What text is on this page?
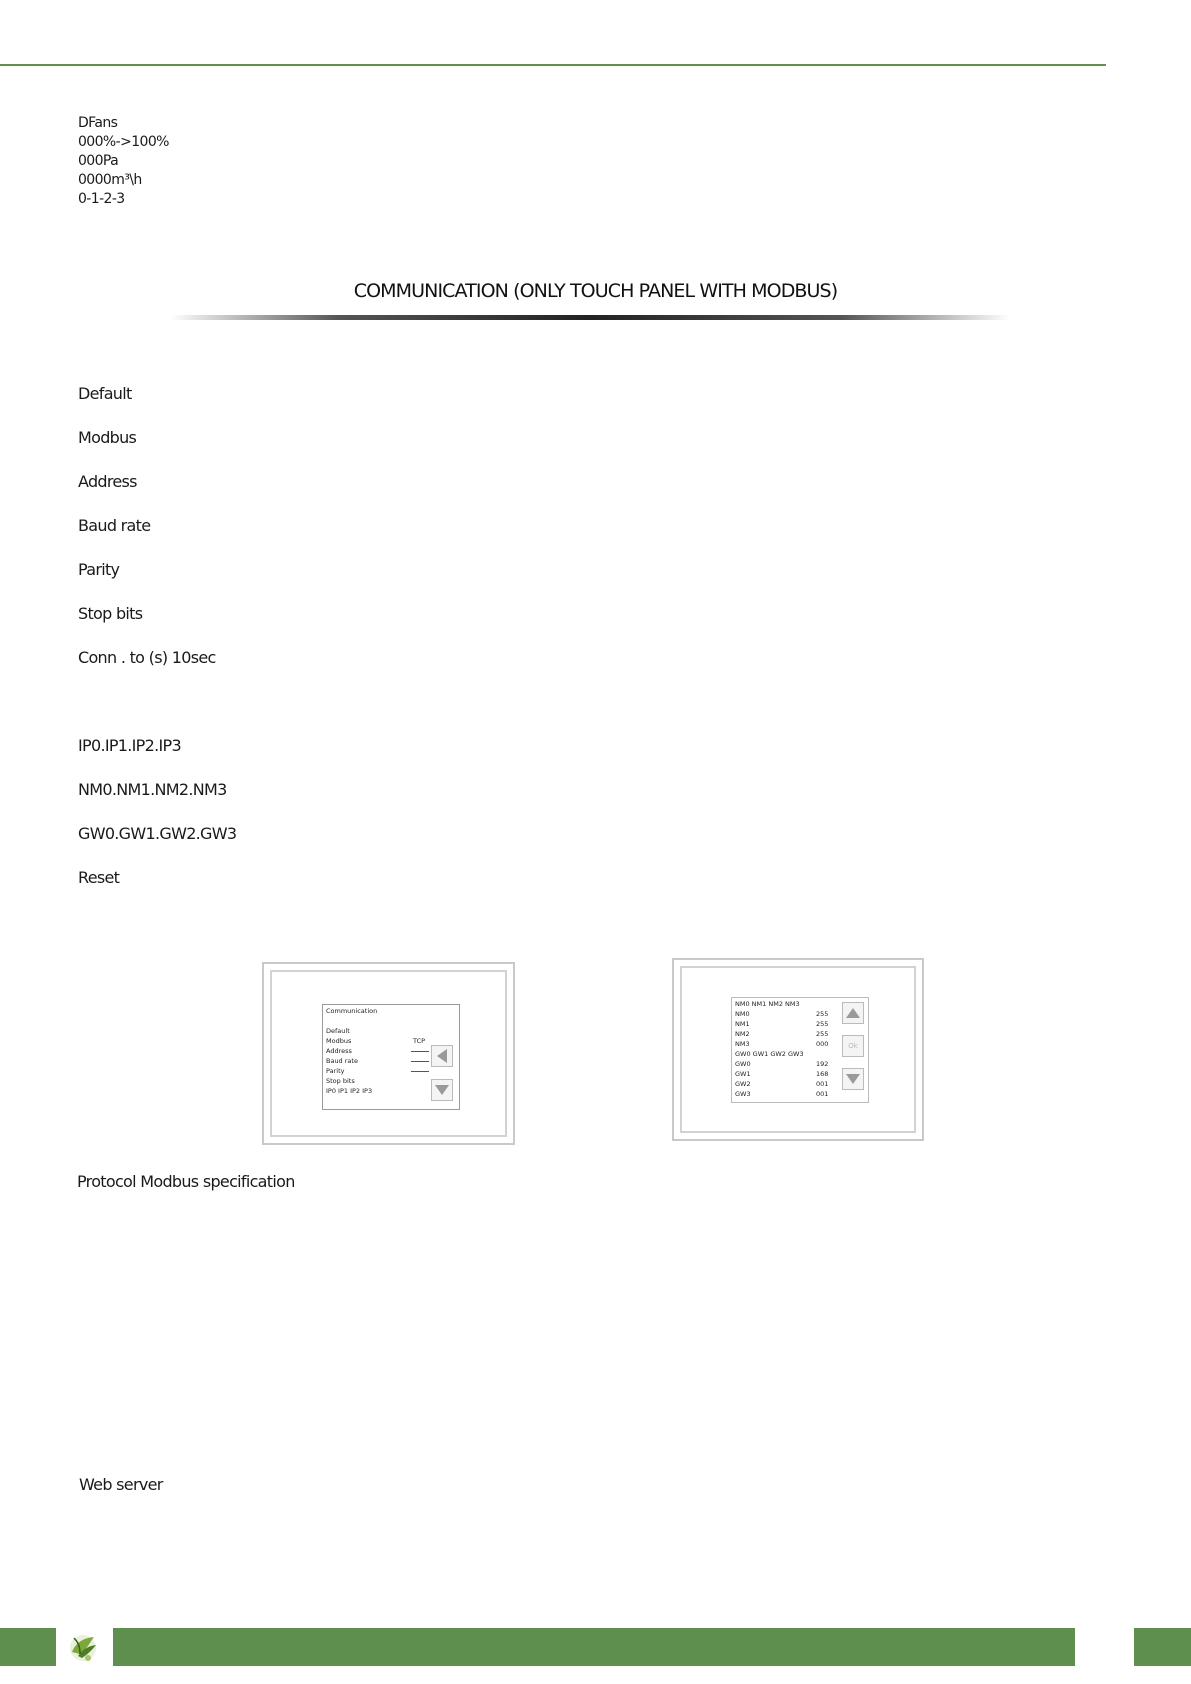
DFans
000%->100%
000Pa
0000m³\h
0-1-2-3
COMMUNICATION (ONLY TOUCH PANEL WITH MODBUS)
Default
Modbus
Address
Baud rate
Parity
Stop bits
Conn . to (s) 10sec
IP0.IP1.IP2.IP3
NM0.NM1.NM2.NM3
GW0.GW1.GW2.GW3
Reset
Communication
Default
Modbus	TCP
Address
Baud rate
Parity
Stop bits
IP0 IP1 IP2 IP3
NM0 NM1 NM2 NM3
NM0	255
NM1	255
NM2	255
NM3	000
GW0 GW1 GW2 GW3
GW0	192
GW1	168
GW2	001
GW3	001
Ok
Protocol Modbus specification
Web server
